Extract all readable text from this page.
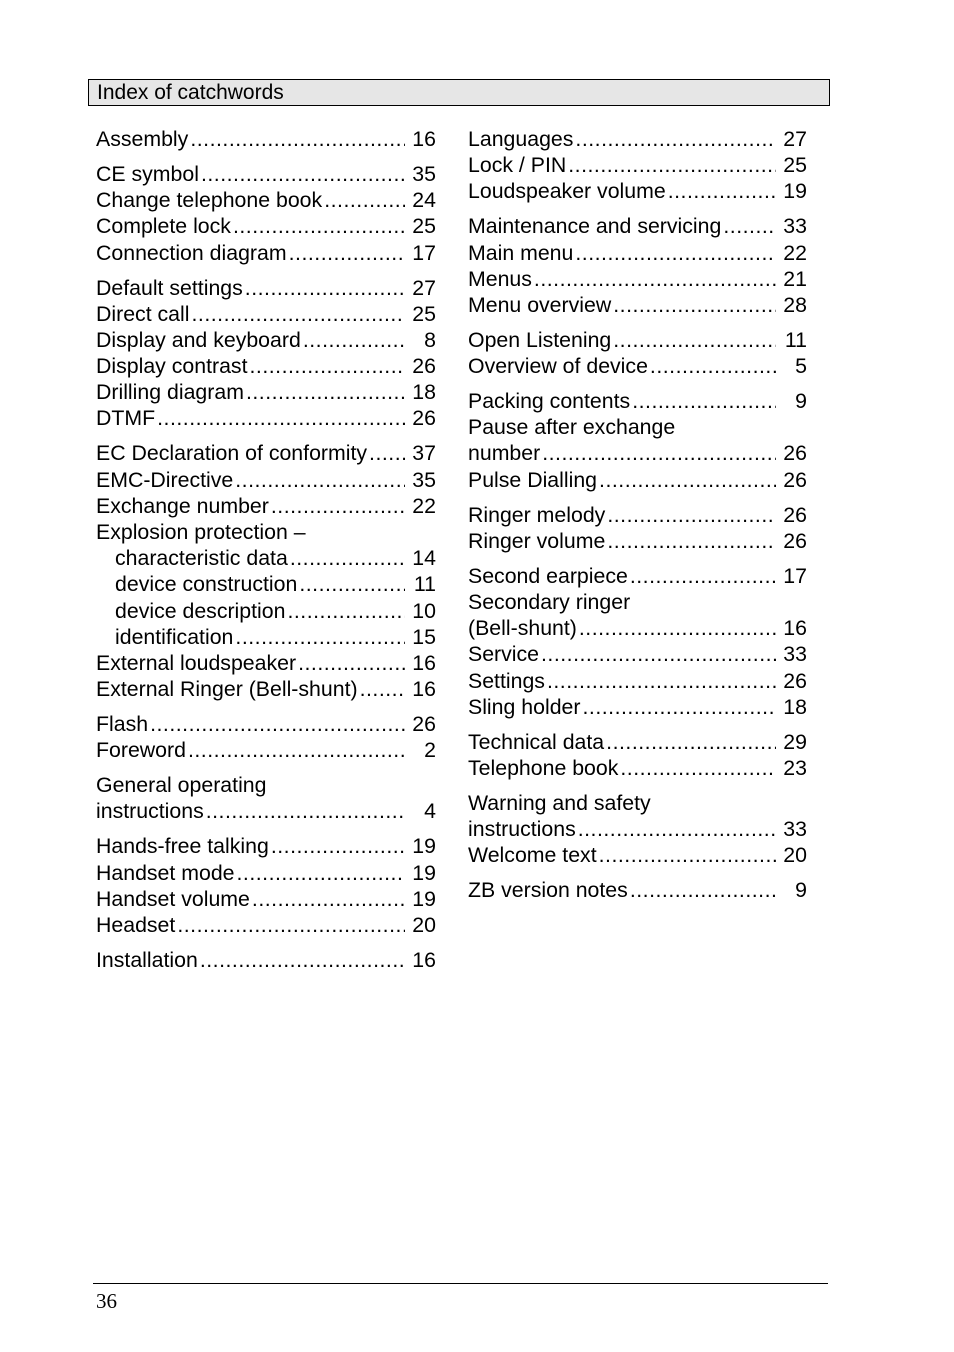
Index of catchwords
Assembly .....	16
CE symbol .....	35
Change telephone book .....	24
Complete lock .....	25
Connection diagram .....	17
Default settings .....	27
Direct call .....	25
Display and keyboard .....	8
Display contrast .....	26
Drilling diagram .....	18
DTMF .....	26
EC Declaration of conformity ..... 37
EMC-Directive .....	35
Exchange number .....	22
Explosion protection –
characteristic data .....	14
device construction .....	11
device description .....	10
identification .....	15
External loudspeaker .....	16
External Ringer (Bell-shunt) .....	16
Flash .....	26
Foreword .....	2
General operating
instructions .....	4
Hands-free talking .....	19
Handset mode .....	19
Handset volume .....	19
Headset .....	20
Installation .....	16
Languages .....	27
Lock / PIN .....	25
Loudspeaker volume .....	19
Maintenance and servicing .....	33
Main menu .....	22
Menus .....	21
Menu overview .....	28
Open Listening .....	11
Overview of device .....	5
Packing contents .....	9
Pause after exchange
number .....	26
Pulse Dialling .....	26
Ringer melody .....	26
Ringer volume .....	26
Second earpiece .....	17
Secondary ringer
(Bell-shunt) .....	16
Service .....	33
Settings .....	26
Sling holder .....	18
Technical data .....	29
Telephone book .....	23
Warning and safety
instructions .....	33
Welcome text .....	20
ZB version notes .....	9
36
